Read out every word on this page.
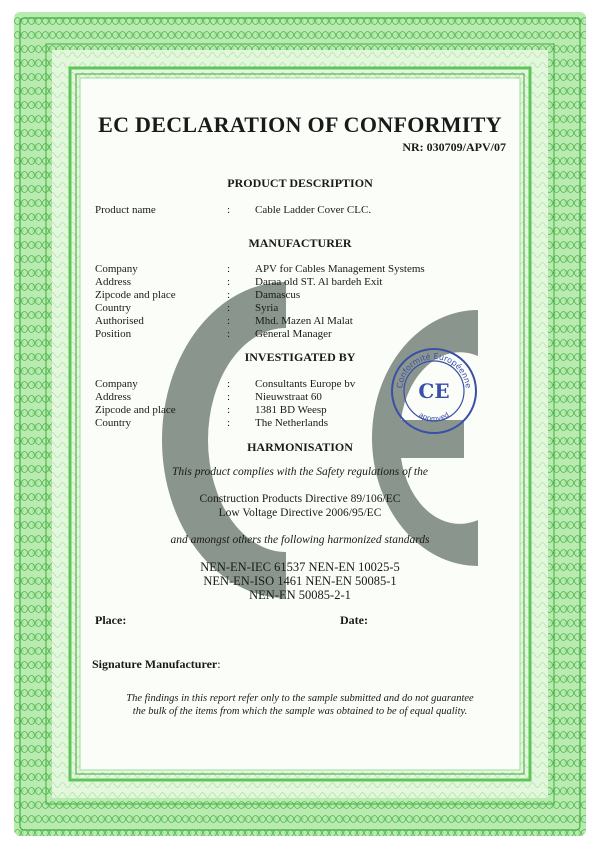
Conformité Européenne
approved
CE
EC DECLARATION OF CONFORMITY
NR: 030709/APV/07
PRODUCT DESCRIPTION
Product name	: Cable Ladder Cover CLC.
MANUFACTURER
Company	: APV for Cables Management Systems
Address	: Daraa old ST. Al bardeh Exit
Zipcode and place	: Damascus
Country	: Syria
Authorised	: Mhd. Mazen Al Malat
Position	: General Manager
INVESTIGATED BY
Company	: Consultants Europe bv
Address	: Nieuwstraat 60
Zipcode and place	: 1381 BD Weesp
Country	: The Netherlands
HARMONISATION
This product complies with the Safety regulations of the
Construction Products Directive 89/106/EC
Low Voltage Directive 2006/95/EC
and amongst others the following harmonized standards
NEN-EN-IEC 61537 NEN-EN 10025-5
NEN-EN-ISO 1461 NEN-EN 50085-1
NEN-EN 50085-2-1
Place:	Date:
Signature Manufacturer:
The findings in this report refer only to the sample submitted and do not guarantee
the bulk of the items from which the sample was obtained to be of equal quality.
